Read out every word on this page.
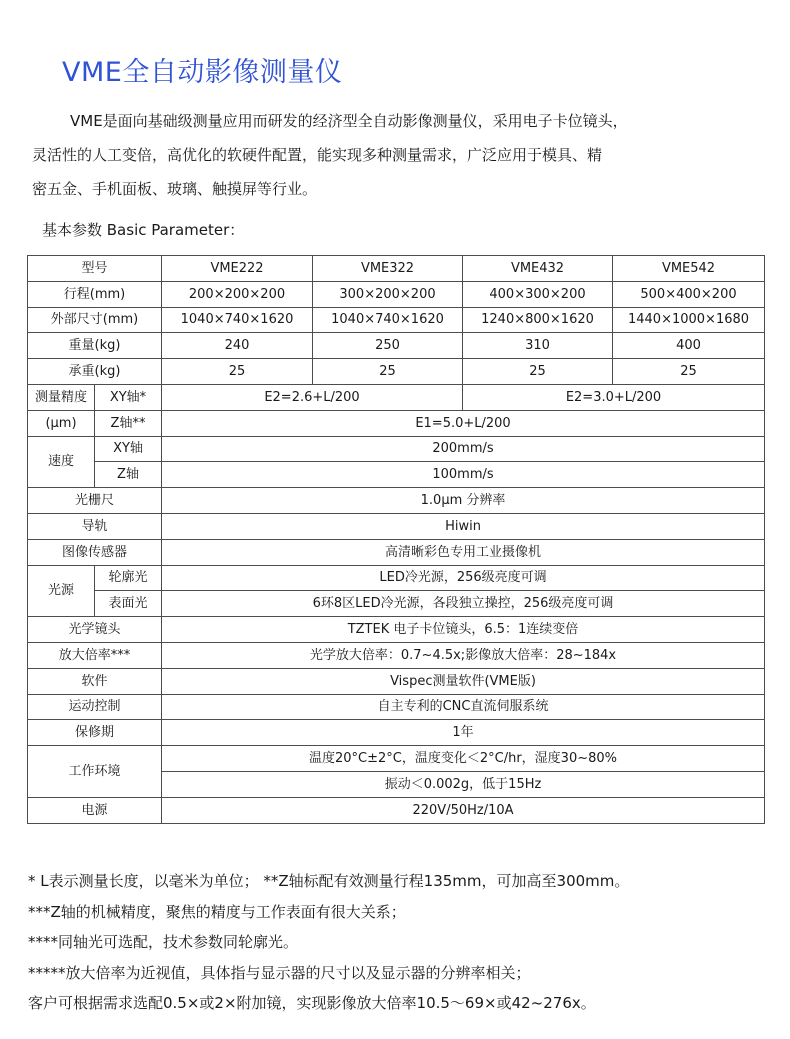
VME全自动影像测量仪
VME是面向基础级测量应用而研发的经济型全自动影像测量仪，采用电子卡位镜头，
灵活性的人工变倍，高优化的软硬件配置，能实现多种测量需求，广泛应用于模具、精
密五金、手机面板、玻璃、触摸屏等行业。
基本参数 Basic Parameter：
型号		VME222	VME322	VME432	VME542
行程(mm)		200×200×200	300×200×200	400×300×200	500×400×200
外部尺寸(mm)		1040×740×1620	1040×740×1620	1240×800×1620	1440×1000×1680
重量(kg)		240	250	310	400
承重(kg)		25	25	25	25
测量精度	XY轴*	E2=2.6+L/200		E2=3.0+L/200	
(μm)	Z轴**	E1=5.0+L/200			
速度	XY轴	200mm/s			
	Z轴	100mm/s			
光栅尺		1.0μm 分辨率			
导轨		Hiwin			
图像传感器		高清晰彩色专用工业摄像机			
光源	轮廓光	LED冷光源，256级亮度可调			
	表面光	6环8区LED冷光源，各段独立操控，256级亮度可调			
光学镜头		TZTEK 电子卡位镜头，6.5：1连续变倍			
放大倍率***		光学放大倍率：0.7~4.5x;影像放大倍率：28~184x			
软件		Vispec测量软件(VME版)			
运动控制		自主专利的CNC直流伺服系统			
保修期		1年			
工作环境		温度20°C±2°C，温度变化＜2°C/hr，湿度30~80%			
		振动＜0.002g，低于15Hz			
电源		220V/50Hz/10A			
* L表示测量长度，以毫米为单位； **Z轴标配有效测量行程135mm，可加高至300mm。
***Z轴的机械精度，聚焦的精度与工作表面有很大关系；
****同轴光可选配，技术参数同轮廓光。
*****放大倍率为近视值，具体指与显示器的尺寸以及显示器的分辨率相关；
客户可根据需求选配0.5×或2×附加镜，实现影像放大倍率10.5～69×或42~276x。
